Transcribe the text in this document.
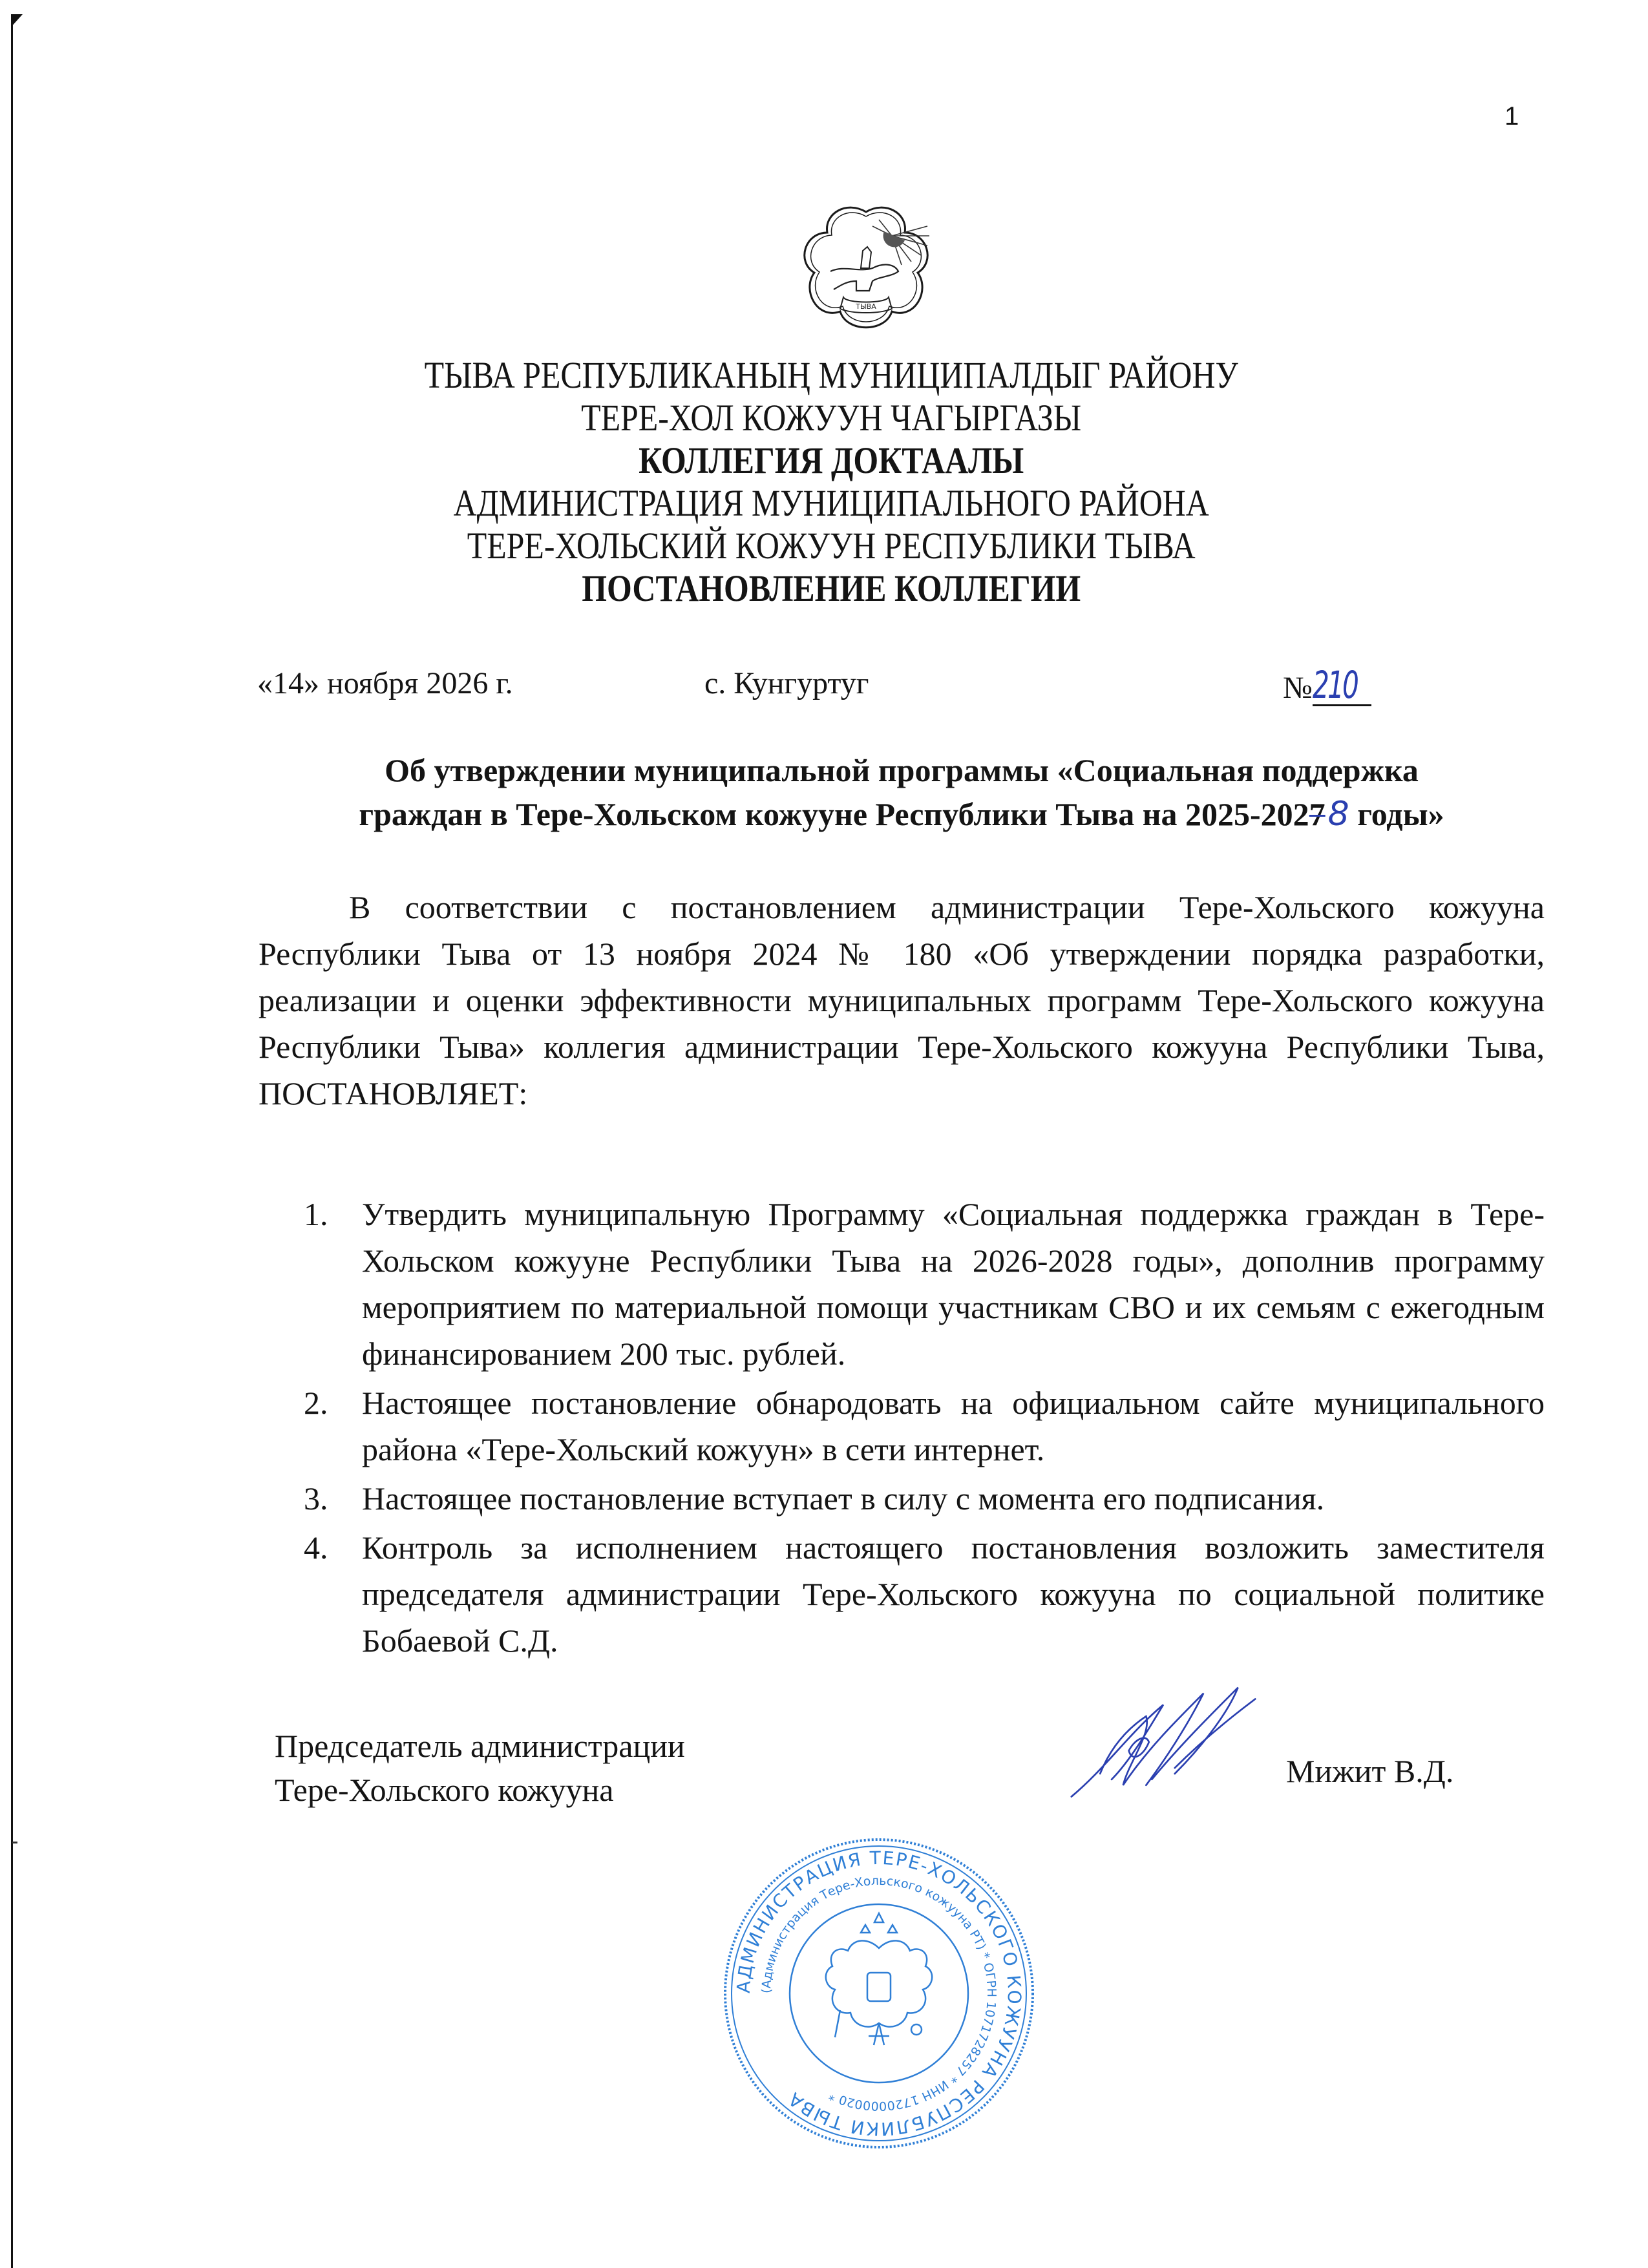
1
ТЫВА
ТЫВА РЕСПУБЛИКАНЫҢ МУНИЦИПАЛДЫГ РАЙОНУ
ТЕРЕ-ХОЛ КОЖУУН ЧАГЫРГАЗЫ
КОЛЛЕГИЯ ДОКТААЛЫ
АДМИНИСТРАЦИЯ МУНИЦИПАЛЬНОГО РАЙОНА
ТЕРЕ-ХОЛЬСКИЙ КОЖУУН РЕСПУБЛИКИ ТЫВА
ПОСТАНОВЛЕНИЕ КОЛЛЕГИИ
«14» ноября 2026 г.	с. Кунгуртуг	№210
Об утверждении муниципальной программы «Социальная поддержка
граждан в Тере-Хольском кожууне Республики Тыва на 2025-20278 годы»

В соответствии с постановлением администрации Тере-Хольского кожууна Республики Тыва от 13 ноября 2024 № 180 «Об утверждении порядка разработки, реализации и оценки эффективности муниципальных программ Тере-Хольского кожууна Республики Тыва» коллегия администрации Тере-Хольского кожууна Республики Тыва, ПОСТАНОВЛЯЕТ:

1. Утвердить муниципальную Программу «Социальная поддержка граждан в Тере-Хольском кожууне Республики Тыва на 2026-2028 годы», дополнив программу мероприятием по материальной помощи участникам СВО и их семьям с ежегодным финансированием 200 тыс. рублей.
2. Настоящее постановление обнародовать на официальном сайте муниципального района «Тере-Хольский кожуун» в сети интернет.
3. Настоящее постановление вступает в силу с момента его подписания.
4. Контроль за исполнением настоящего постановления возложить заместителя председателя администрации Тере-Хольского кожууна по социальной политике Бобаевой С.Д.
Председатель администрации
Тере-Хольского кожууна
Мижит В.Д.
АДМИНИСТРАЦИЯ ТЕРЕ-ХОЛЬСКОГО КОЖУУНА РЕСПУБЛИКИ ТЫВА
(Администрация Тере-Хольского кожууна РТ) * ОГРН 1071728257 * ИНН 1720000020 *
